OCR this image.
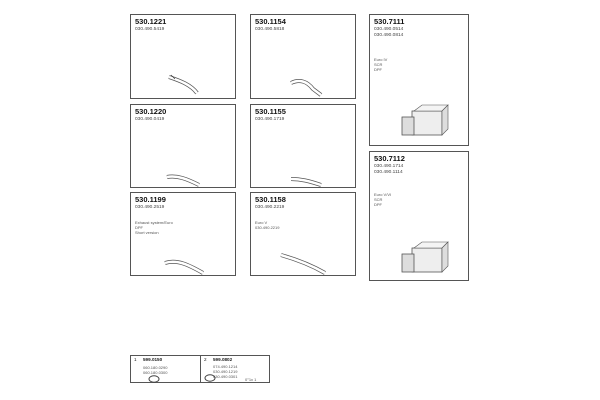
530.1221
030.490.5419
530.1154
030.490.5818
530.7111
030.490.0514
030.490.0814
Euro IV
SCR
DPF
530.1220
030.490.0419
530.1155
030.490.1719
530.7112
030.490.1714
030.490.1114
Euro V/VI
SCR
DPF
530.1199
030.490.2519
Exhaust system/Euro
DPF
Short version
530.1158
030.490.2219
Euro V
030.490.2219
1 599.0150
060.180.0290
060.180.0300
2 599.0802
074.490.1214
030.490.1219
030.490.0301
0°1x 1
